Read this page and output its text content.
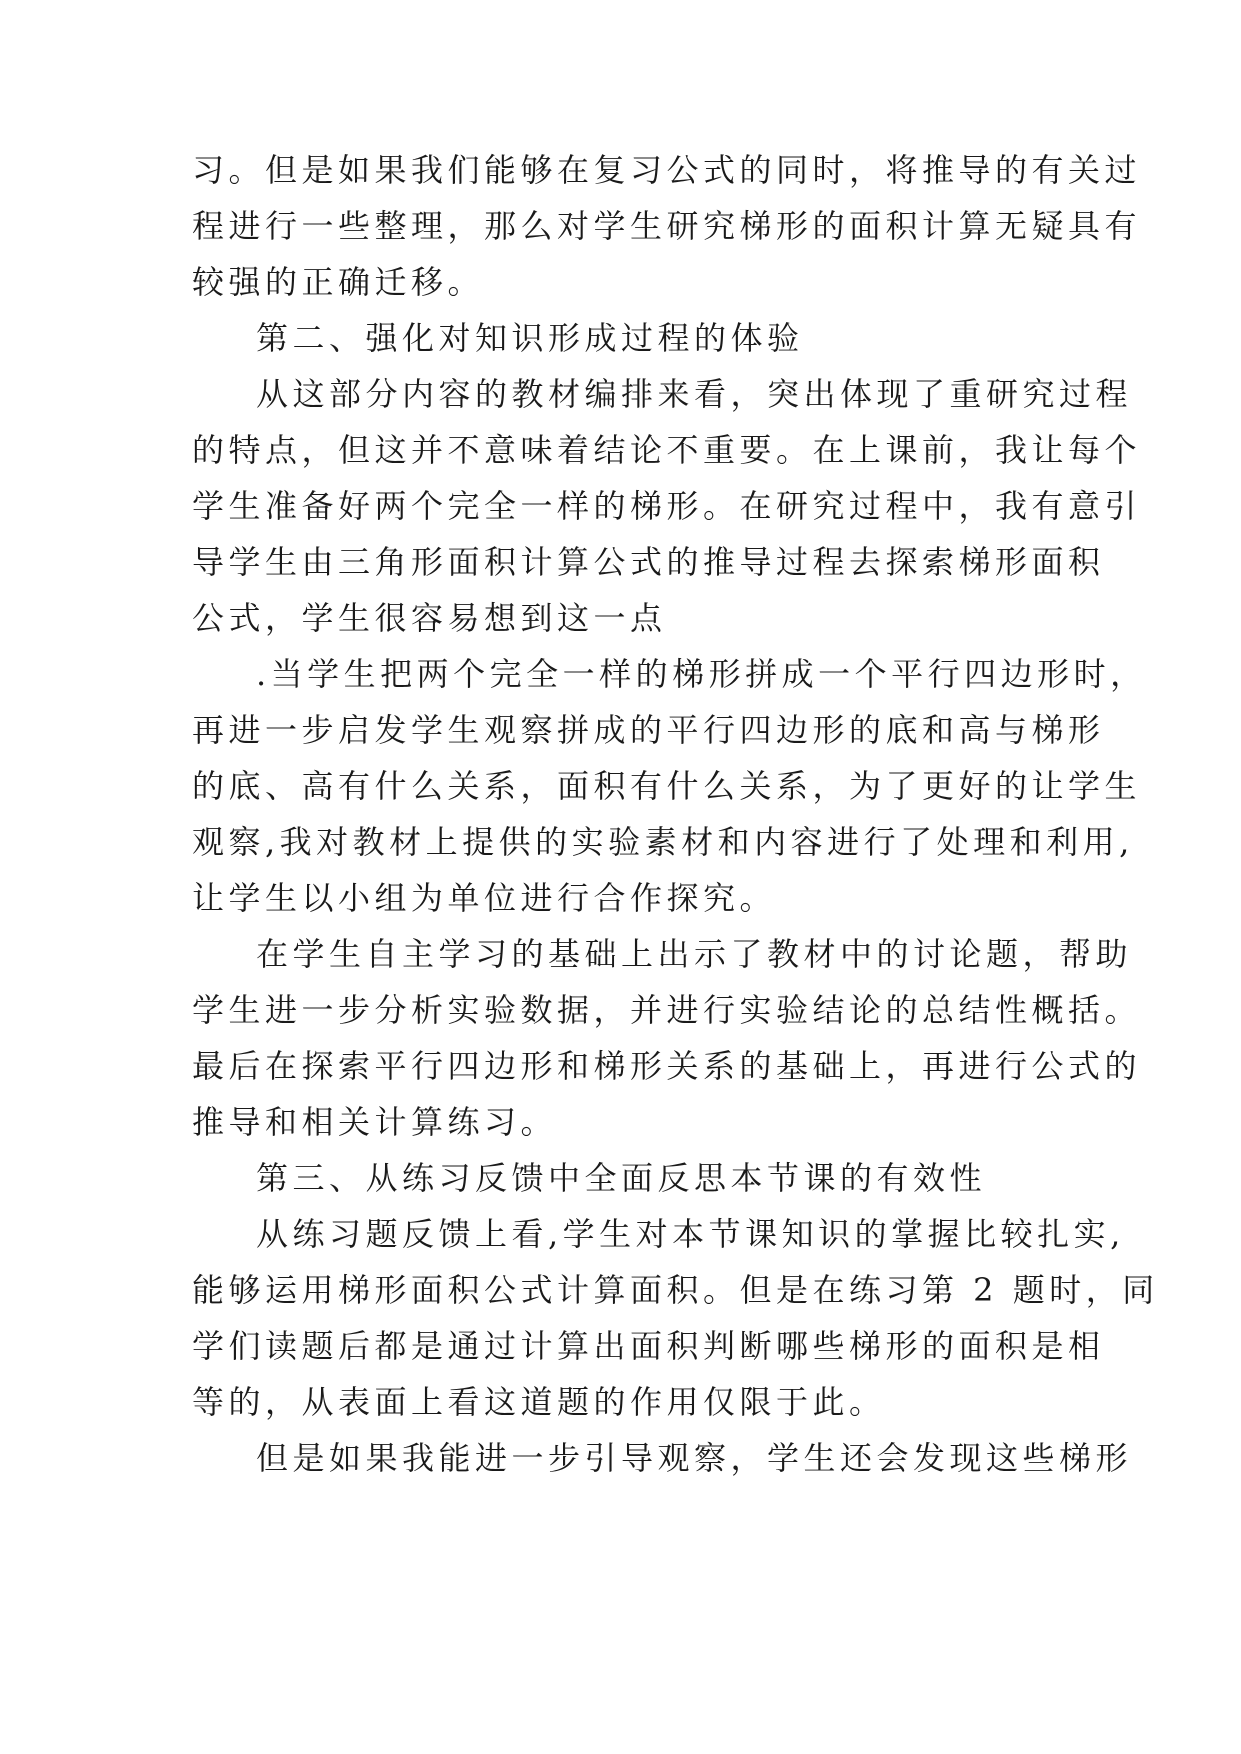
习。但是如果我们能够在复习公式的同时，将推导的有关过
程进行一些整理，那么对学生研究梯形的面积计算无疑具有
较强的正确迁移。
第二、强化对知识形成过程的体验
从这部分内容的教材编排来看，突出体现了重研究过程
的特点，但这并不意味着结论不重要。在上课前，我让每个
学生准备好两个完全一样的梯形。在研究过程中，我有意引
导学生由三角形面积计算公式的推导过程去探索梯形面积
公式，学生很容易想到这一点
.当学生把两个完全一样的梯形拼成一个平行四边形时，
再进一步启发学生观察拼成的平行四边形的底和高与梯形
的底、高有什么关系，面积有什么关系，为了更好的让学生
观察,我对教材上提供的实验素材和内容进行了处理和利用,
让学生以小组为单位进行合作探究。
在学生自主学习的基础上出示了教材中的讨论题，帮助
学生进一步分析实验数据，并进行实验结论的总结性概括。
最后在探索平行四边形和梯形关系的基础上，再进行公式的
推导和相关计算练习。
第三、从练习反馈中全面反思本节课的有效性
从练习题反馈上看,学生对本节课知识的掌握比较扎实,
能够运用梯形面积公式计算面积。但是在练习第 2 题时，同
学们读题后都是通过计算出面积判断哪些梯形的面积是相
等的，从表面上看这道题的作用仅限于此。
但是如果我能进一步引导观察，学生还会发现这些梯形
